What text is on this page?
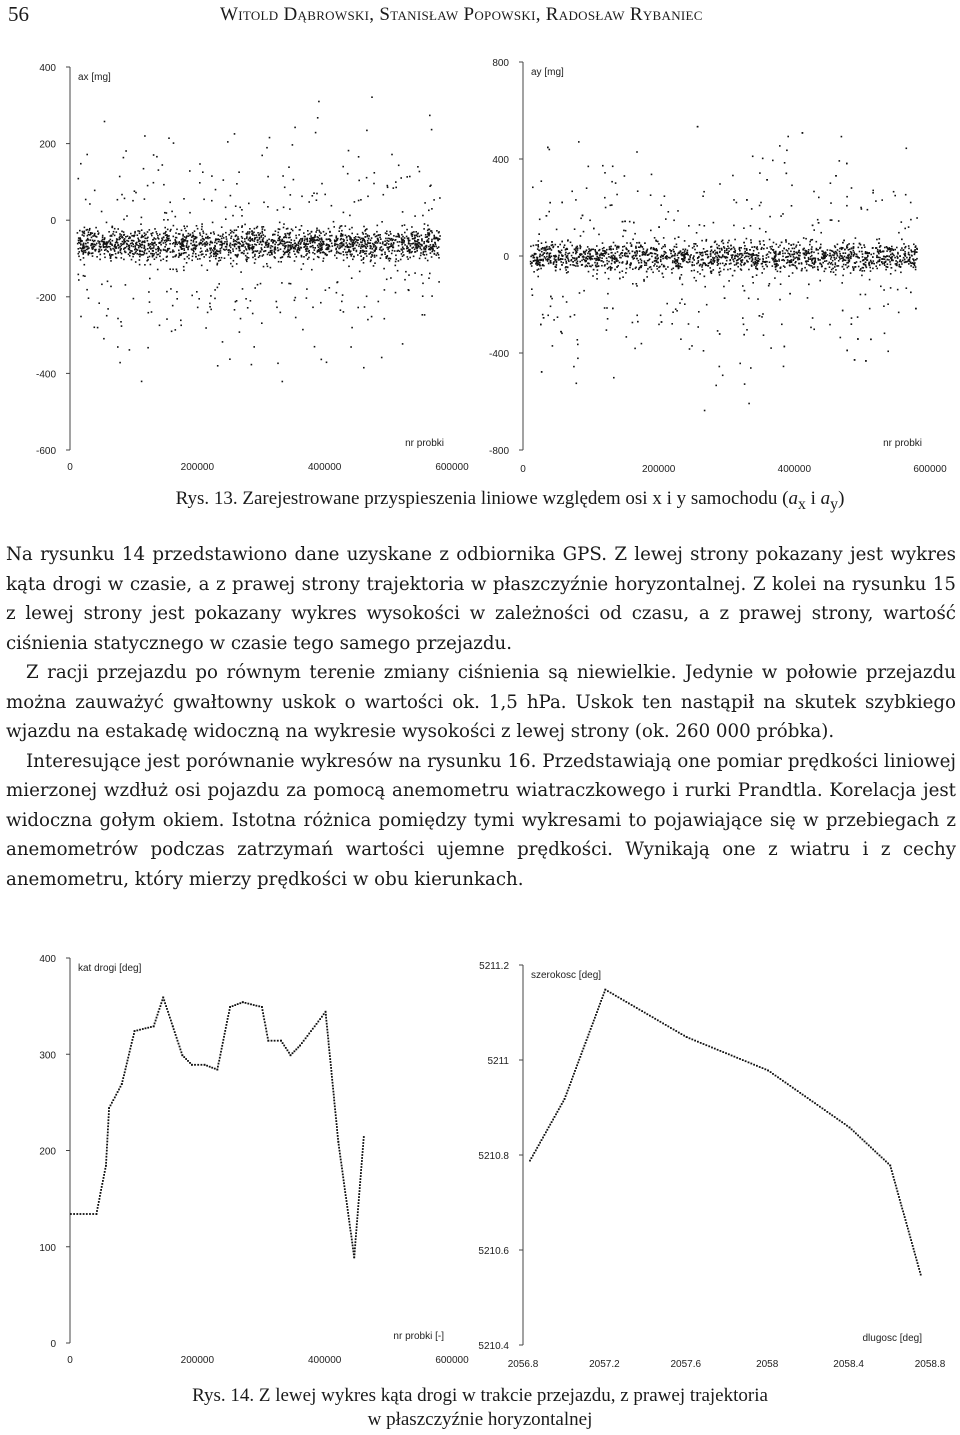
56	Witold Dąbrowski, Stanisław Popowski, Radosław Rybaniec
400
200
0
-200
-400
-600
0	200000	400000	600000
ax [mg]
nr probki
800
400
0
-400
-800
0	200000	400000	600000
ay [mg]
nr probki
Rys. 13. Zarejestrowane przyspieszenia liniowe względem osi x i y samochodu ($a_x$ i $a_y$)

Na rysunku 14 przedstawiono dane uzyskane z odbiornika GPS. Z lewej strony pokazany jest wykres kąta drogi w czasie, a z prawej strony trajektoria w płaszczyźnie horyzontalnej. Z kolei na rysunku 15 z lewej strony jest pokazany wykres wysokości w zależności od czasu, a z prawej strony, wartość ciśnienia statycznego w czasie tego samego przejazdu.

Z racji przejazdu po równym terenie zmiany ciśnienia są niewielkie. Jedynie w połowie przejazdu można zauważyć gwałtowny uskok o wartości ok. 1,5 hPa. Uskok ten nastąpił na skutek szybkiego wjazdu na estakadę widoczną na wykresie wysokości z lewej strony (ok. 260 000 próbka).

Interesujące jest porównanie wykresów na rysunku 16. Przedstawiają one pomiar prędkości liniowej mierzonej wzdłuż osi pojazdu za pomocą anemometru wiatraczkowego i rurki Prandtla. Korelacja jest widoczna gołym okiem. Istotna różnica pomiędzy tymi wykresami to pojawiające się w przebiegach z anemometrów podczas zatrzymań wartości ujemne prędkości. Wynikają one z wiatru i z cechy anemometru, który mierzy prędkości w obu kierunkach.

400
300
200
100
0
0	200000	400000	600000
kat drogi [deg]
nr probki [-]
5211.2
5211
5210.8
5210.6
5210.4
2056.8	2057.2	2057.6	2058	2058.4	2058.8
szerokosc [deg]
dlugosc [deg]
Rys. 14. Z lewej wykres kąta drogi w trakcie przejazdu, z prawej trajektoria
w płaszczyźnie horyzontalnej
